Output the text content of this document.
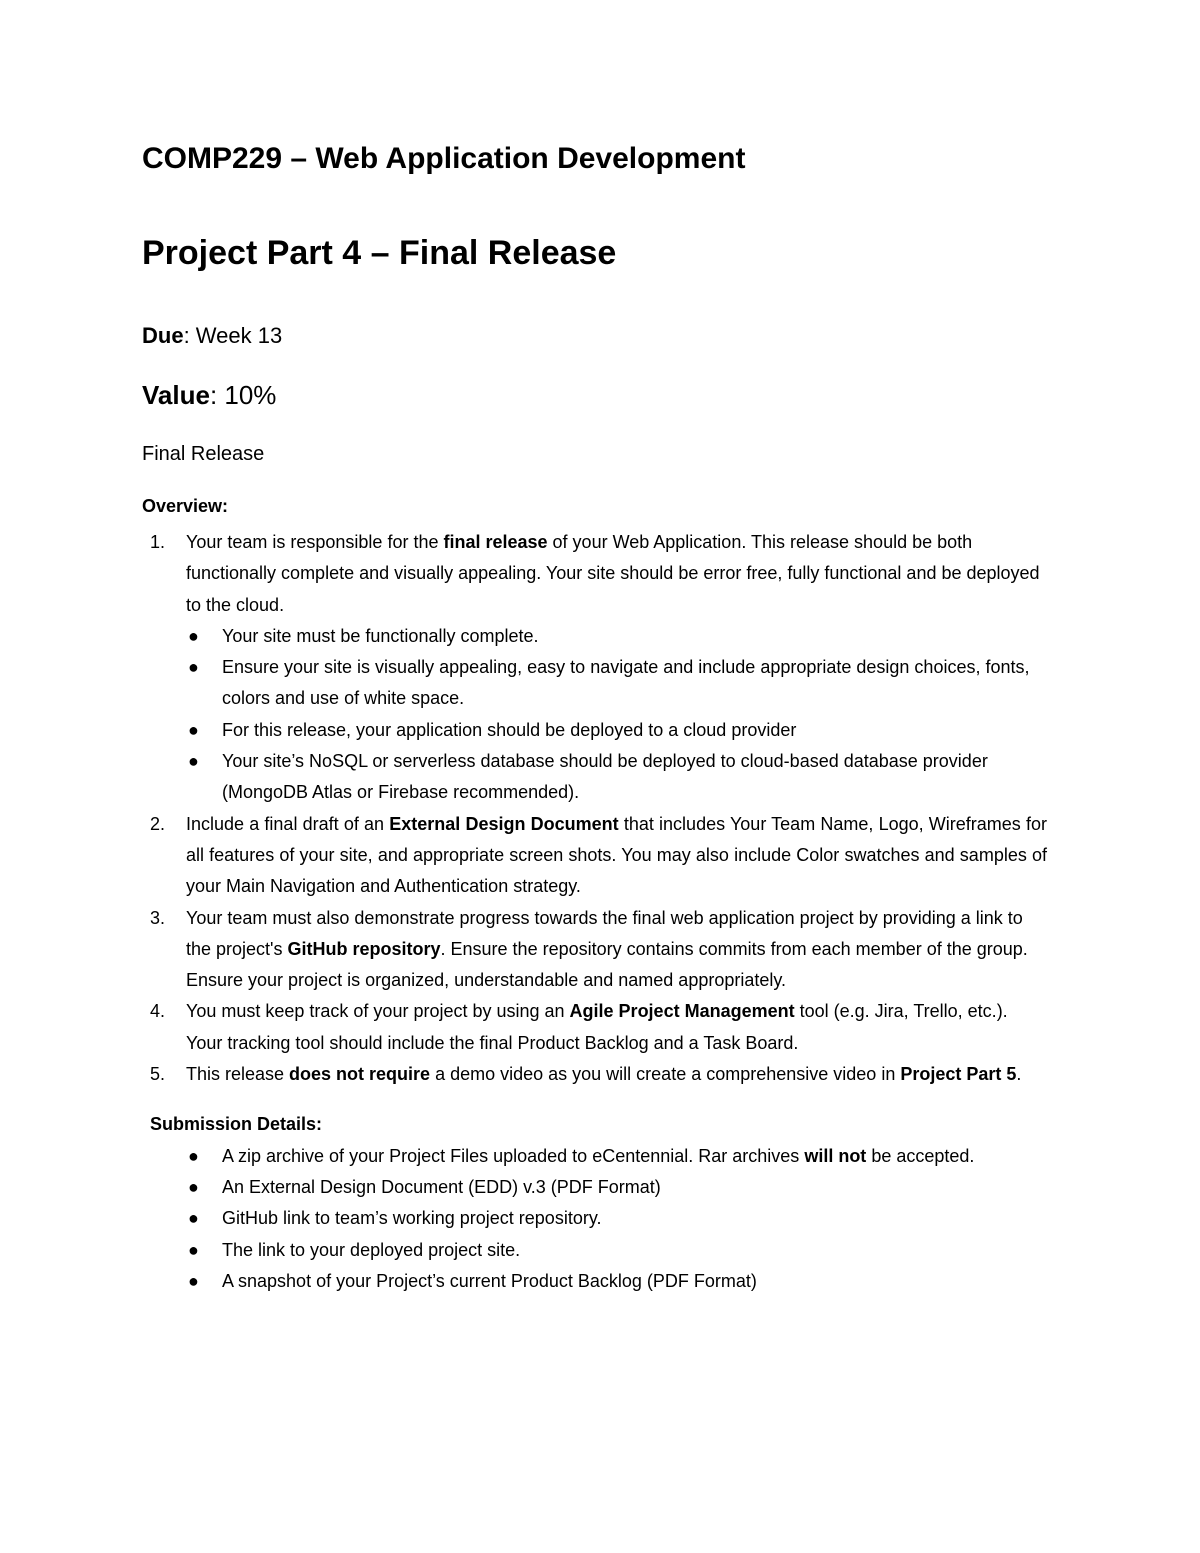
COMP229 – Web Application Development
Project Part 4 – Final Release
Due: Week 13
Value: 10%
Final Release
Overview:
1. Your team is responsible for the final release of your Web Application. This release should be both functionally complete and visually appealing. Your site should be error free, fully functional and be deployed to the cloud.
● Your site must be functionally complete.
● Ensure your site is visually appealing, easy to navigate and include appropriate design choices, fonts, colors and use of white space.
● For this release, your application should be deployed to a cloud provider
● Your site’s NoSQL or serverless database should be deployed to cloud-based database provider (MongoDB Atlas or Firebase recommended).
2. Include a final draft of an External Design Document that includes Your Team Name, Logo, Wireframes for all features of your site, and appropriate screen shots. You may also include Color swatches and samples of your Main Navigation and Authentication strategy.
3. Your team must also demonstrate progress towards the final web application project by providing a link to the project's GitHub repository. Ensure the repository contains commits from each member of the group. Ensure your project is organized, understandable and named appropriately.
4. You must keep track of your project by using an Agile Project Management tool (e.g. Jira, Trello, etc.). Your tracking tool should include the final Product Backlog and a Task Board.
5. This release does not require a demo video as you will create a comprehensive video in Project Part 5.
Submission Details:
● A zip archive of your Project Files uploaded to eCentennial. Rar archives will not be accepted.
● An External Design Document (EDD) v.3 (PDF Format)
● GitHub link to team’s working project repository.
● The link to your deployed project site.
● A snapshot of your Project’s current Product Backlog (PDF Format)
